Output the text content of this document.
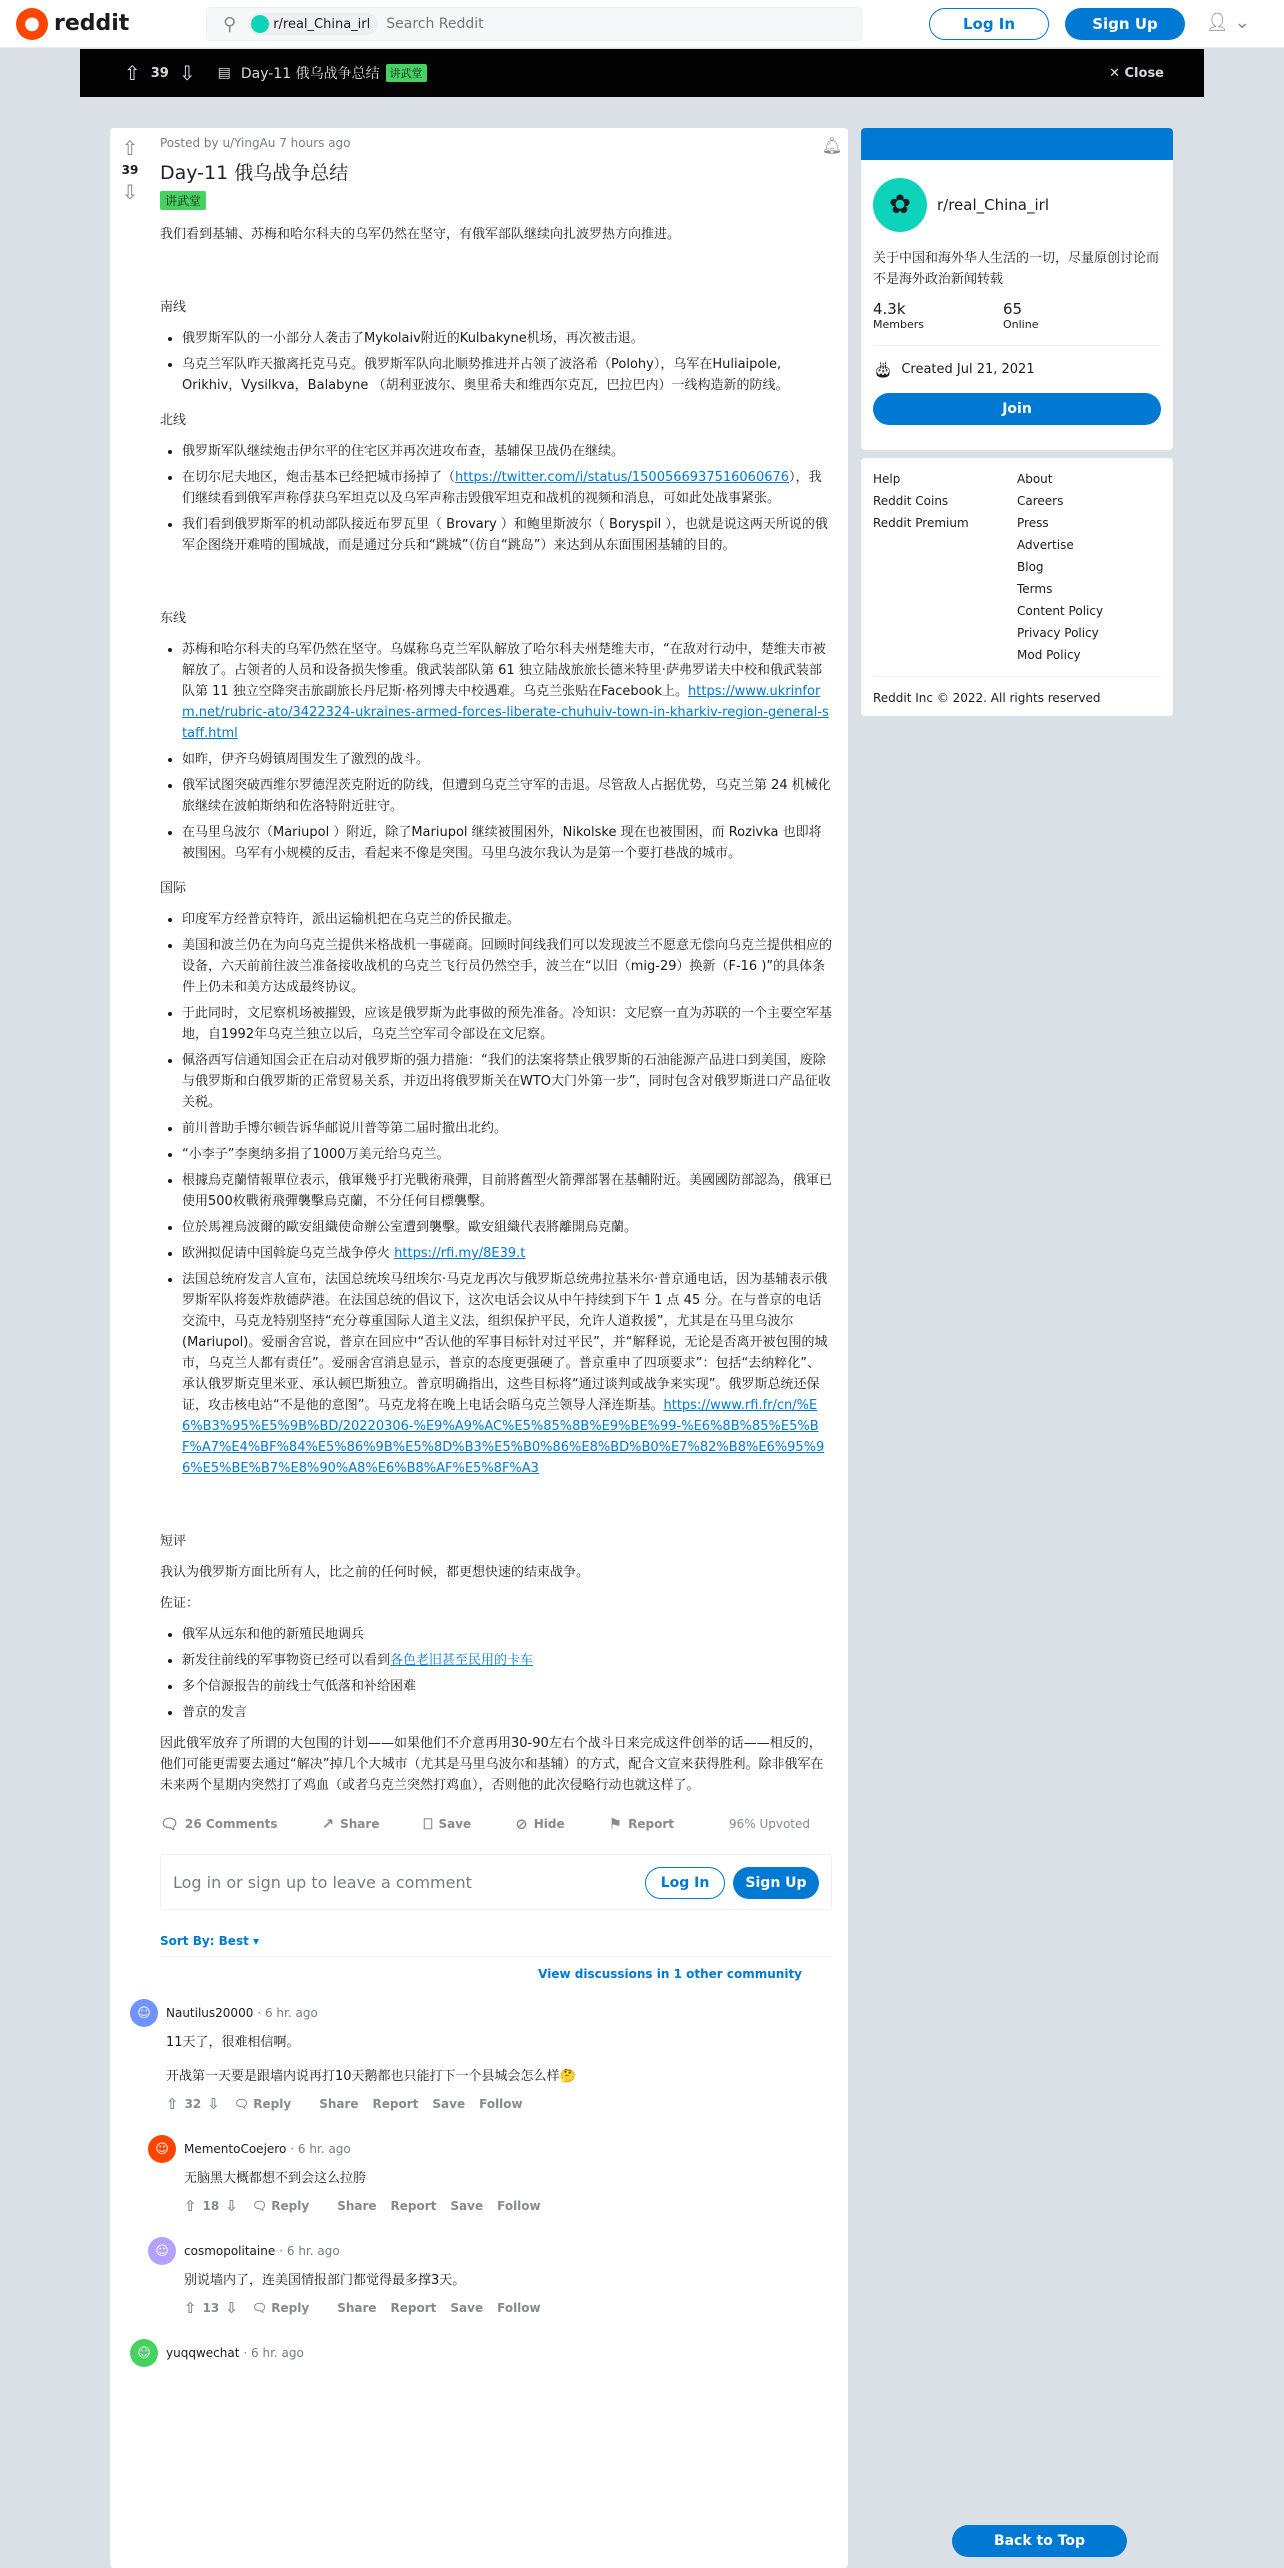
● reddit	⚲	r/real_China_irl
Search Reddit	Log In	Sign Up	👤︎ ⌄
⇧ 39 ⇩ ▤ Day-11 俄乌战争总结 讲武堂	✕ Close
⇧
39
⇩
🔔︎
Posted by u/YingAu 7 hours ago
Day-11 俄乌战争总结
讲武堂

我们看到基辅、苏梅和哈尔科夫的乌军仍然在坚守，有俄军部队继续向扎波罗热方向推进。

南线
• 俄罗斯军队的一小部分人袭击了Mykolaiv附近的Kulbakyne机场，再次被击退。
• 乌克兰军队昨天撤离托克马克。俄罗斯军队向北顺势推进并占领了波洛希（Polohy），乌军在Huliaipole, Orikhiv，Vysilkva，Balabyne （胡利亚波尔、奥里希夫和维西尔克瓦，巴拉巴内）一线构造新的防线。
北线
• 俄罗斯军队继续炮击伊尔平的住宅区并再次进攻布查，基辅保卫战仍在继续。
• 在切尔尼夫地区，炮击基本已经把城市扬掉了（https://twitter.com/i/status/1500566937516060676），我们继续看到俄军声称俘获乌军坦克以及乌军声称击毁俄军坦克和战机的视频和消息，可如此处战事紧张。
• 我们看到俄罗斯军的机动部队接近布罗瓦里（ Brovary ）和鲍里斯波尔（ Boryspil ），也就是说这两天所说的俄军企图绕开难啃的围城战，而是通过分兵和“跳城”（仿自“跳岛”）来达到从东面围困基辅的目的。
东线
• 苏梅和哈尔科夫的乌军仍然在坚守。乌媒称乌克兰军队解放了哈尔科夫州楚维夫市，“在敌对行动中，楚维夫市被解放了。占领者的人员和设备损失惨重。俄武装部队第 61 独立陆战旅旅长德米特里·萨弗罗诺夫中校和俄武装部队第 11 独立空降突击旅副旅长丹尼斯·格列博夫中校遇难。乌克兰张贴在Facebook上。https://www.ukrinform.net/rubric-ato/3422324-ukraines-armed-forces-liberate-chuhuiv-town-in-kharkiv-region-general-staff.html
• 如昨，伊齐乌姆镇周围发生了激烈的战斗。
• 俄军试图突破西维尔罗德涅茨克附近的防线，但遭到乌克兰守军的击退。尽管敌人占据优势，乌克兰第 24 机械化旅继续在波帕斯纳和佐洛特附近驻守。
• 在马里乌波尔（Mariupol ）附近，除了Mariupol 继续被围困外，Nikolske 现在也被围困，而 Rozivka 也即将被围困。乌军有小规模的反击，看起来不像是突围。马里乌波尔我认为是第一个要打巷战的城市。
国际
• 印度军方经普京特许，派出运输机把在乌克兰的侨民撤走。
• 美国和波兰仍在为向乌克兰提供米格战机一事磋商。回顾时间线我们可以发现波兰不愿意无偿向乌克兰提供相应的设备，六天前前往波兰准备接收战机的乌克兰飞行员仍然空手，波兰在“以旧（mig-29）换新（F-16 )”的具体条件上仍未和美方达成最终协议。
• 于此同时，文尼察机场被摧毁，应该是俄罗斯为此事做的预先准备。冷知识：文尼察一直为苏联的一个主要空军基地，自1992年乌克兰独立以后，乌克兰空军司令部设在文尼察。
• 佩洛西写信通知国会正在启动对俄罗斯的强力措施：“我们的法案将禁止俄罗斯的石油能源产品进口到美国，废除与俄罗斯和白俄罗斯的正常贸易关系，并迈出将俄罗斯关在WTO大门外第一步”，同时包含对俄罗斯进口产品征收关税。
• 前川普助手博尔顿告诉华邮说川普等第二届时撤出北约。
• “小李子”李奥纳多捐了1000万美元给乌克兰。
• 根據烏克蘭情報單位表示，俄軍幾乎打光戰術飛彈，目前將舊型火箭彈部署在基輔附近。美國國防部認為，俄軍已使用500枚戰術飛彈襲擊烏克蘭，不分任何目標襲擊。
• 位於馬裡烏波爾的歐安組織使命辦公室遭到襲擊。歐安組織代表將離開烏克蘭。
• 欧洲拟促请中国斡旋乌克兰战争停火 https://rfi.my/8E39.t
• 法国总统府发言人宣布，法国总统埃马纽埃尔·马克龙再次与俄罗斯总统弗拉基米尔·普京通电话，因为基辅表示俄罗斯军队将轰炸敖德萨港。在法国总统的倡议下，这次电话会议从中午持续到下午 1 点 45 分。在与普京的电话交流中，马克龙特别坚持“充分尊重国际人道主义法，组织保护平民，允许人道救援”，尤其是在马里乌波尔(Mariupol)。爱丽舍宫说，普京在回应中“否认他的军事目标针对过平民”，并“解释说，无论是否离开被包围的城市，乌克兰人都有责任”。爱丽舍宫消息显示，普京的态度更强硬了。普京重申了四项要求”：包括“去纳粹化”、承认俄罗斯克里米亚、承认顿巴斯独立。普京明确指出，这些目标将“通过谈判或战争来实现”。俄罗斯总统还保证，攻击核电站“不是他的意图”。马克龙将在晚上电话会晤乌克兰领导人泽连斯基。https://www.rfi.fr/cn/%E6%B3%95%E5%9B%BD/20220306-%E9%A9%AC%E5%85%8B%E9%BE%99-%E6%8B%85%E5%BF%A7%E4%BF%84%E5%86%9B%E5%8D%B3%E5%B0%86%E8%BD%B0%E7%82%B8%E6%95%96%E5%BE%B7%E8%90%A8%E6%B8%AF%E5%8F%A3
短评

我认为俄罗斯方面比所有人，比之前的任何时候，都更想快速的结束战争。

佐证：

• 俄军从远东和他的新殖民地调兵
• 新发往前线的军事物资已经可以看到各色老旧甚至民用的卡车
• 多个信源报告的前线士气低落和补给困难
• 普京的发言

因此俄军放弃了所谓的大包围的计划——如果他们不介意再用30-90左右个战斗日来完成这件创举的话——相反的，他们可能更需要去通过“解决”掉几个大城市（尤其是马里乌波尔和基辅）的方式，配合文宣来获得胜利。除非俄军在未来两个星期内突然打了鸡血（或者乌克兰突然打鸡血），否则他的此次侵略行动也就这样了。

🗨︎ 26 Comments	↗ Share	⎕ Save	⊘ Hide	⚑ Report	96% Upvoted
Log in or sign up to leave a comment	Log In	Sign Up
Sort By: Best ▾
View discussions in 1 other community
☺	Nautilus20000 · 6 hr. ago
11天了，很难相信啊。
开战第一天要是跟墙内说再打10天鹅都也只能打下一个县城会怎么样🤔
⇧ 32 ⇩ 🗨︎ Reply	Share Report Save Follow
☺	MementoCoejero · 6 hr. ago
无脑黑大概都想不到会这么拉胯
⇧ 18 ⇩ 🗨︎ Reply	Share Report Save Follow
☺	cosmopolitaine · 6 hr. ago
别说墙内了，连美国情报部门都觉得最多撑3天。
⇧ 13 ⇩ 🗨︎ Reply	Share Report Save Follow
☺	yuqqwechat · 6 hr. ago
✿	r/real_China_irl
关于中国和海外华人生活的一切，尽量原创讨论而不是海外政治新闻转载
4.3k
Members
65
Online
🎂︎ Created Jul 21, 2021
Join
Help
Reddit Coins
Reddit Premium
About
Careers
Press
Advertise
Blog
Terms
Content Policy
Privacy Policy
Mod Policy
Reddit Inc © 2022. All rights reserved
Back to Top
